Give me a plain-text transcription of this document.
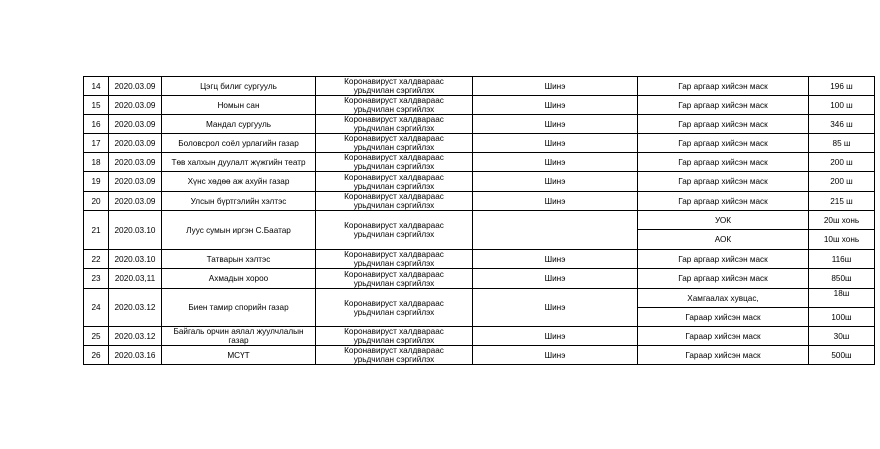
14	2020.03.09	Цэгц билиг сургууль	Коронавируст халдвараас
урьдчилан сэргийлэх	Шинэ	Гар аргаар хийсэн маск	196 ш
15	2020.03.09	Номын сан	Коронавируст халдвараас
урьдчилан сэргийлэх	Шинэ	Гар аргаар хийсэн маск	100 ш
16	2020.03.09	Мандал сургууль	Коронавируст халдвараас
урьдчилан сэргийлэх	Шинэ	Гар аргаар хийсэн маск	346 ш
17	2020.03.09	Боловсрол соёл урлагийн газар	Коронавируст халдвараас
урьдчилан сэргийлэх	Шинэ	Гар аргаар хийсэн маск	85 ш
18	2020.03.09	Төв халхын дуулалт жүжгийн театр	Коронавируст халдвараас
урьдчилан сэргийлэх	Шинэ	Гар аргаар хийсэн маск	200 ш
19	2020.03.09	Хүнс хөдөө аж ахуйн газар	Коронавируст халдвараас
урьдчилан сэргийлэх	Шинэ	Гар аргаар хийсэн маск	200 ш
20	2020.03.09	Улсын бүртгэлийн хэлтэс	Коронавируст халдвараас
урьдчилан сэргийлэх	Шинэ	Гар аргаар хийсэн маск	215 ш
21	2020.03.10	Луус сумын иргэн С.Баатар	Коронавируст халдвараас
урьдчилан сэргийлэх		УОК	20ш хонь
					АОК	10ш хонь
22	2020.03.10	Татварын хэлтэс	Коронавируст халдвараас
урьдчилан сэргийлэх	Шинэ	Гар аргаар хийсэн маск	116ш
23	2020.03,11	Ахмадын хороо	Коронавируст халдвараас
урьдчилан сэргийлэх	Шинэ	Гар аргаар хийсэн маск	850ш
24	2020.03.12	Биен тамир спорийн газар	Коронавируст халдвараас
урьдчилан сэргийлэх	Шинэ	Хамгаалах хувцас,	18ш
					Гараар хийсэн маск	100ш
25	2020.03.12	Байгаль орчин аялал жуулчлалын
газар	Коронавируст халдвараас
урьдчилан сэргийлэх	Шинэ	Гараар хийсэн маск	30ш
26	2020.03.16	МСҮТ	Коронавируст халдвараас
урьдчилан сэргийлэх	Шинэ	Гараар хийсэн маск	500ш
